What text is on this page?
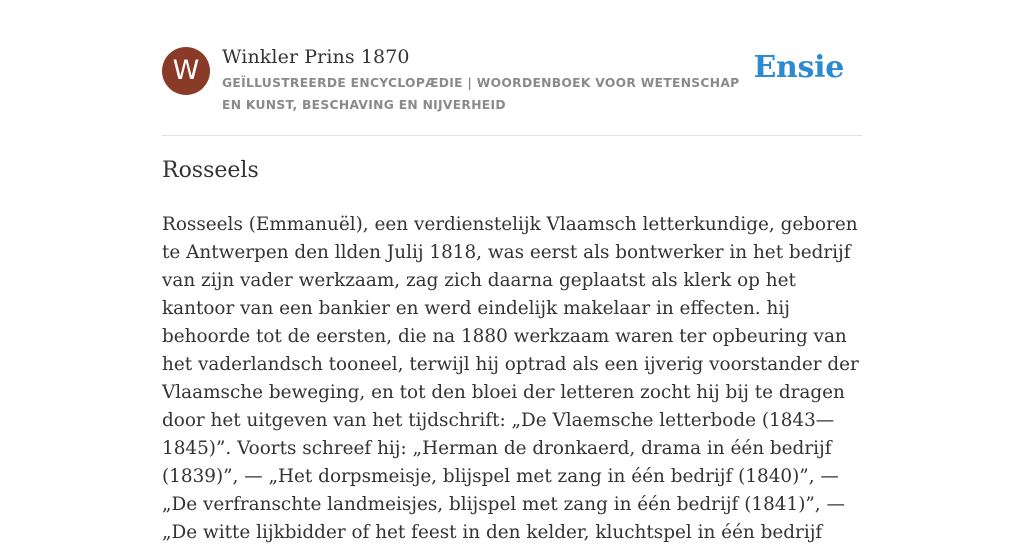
W	Winkler Prins 1870
GEÏLLUSTREERDE ENCYCLOPÆDIE | WOORDENBOEK VOOR WETENSCHAP EN KUNST, BESCHAVING EN NIJVERHEID
Ensie
Rosseels

Rosseels (Emmanuël), een verdienstelijk Vlaamsch letterkundige, geboren te Antwerpen den llden Julij 1818, was eerst als bontwerker in het bedrijf van zijn vader werkzaam, zag zich daarna geplaatst als klerk op het kantoor van een bankier en werd eindelijk makelaar in effecten. hij behoorde tot de eersten, die na 1880 werkzaam waren ter opbeuring van het vaderlandsch tooneel, terwijl hij optrad als een ijverig voorstander der Vlaamsche beweging, en tot den bloei der letteren zocht hij bij te dragen door het uitgeven van het tijdschrift: „De Vlaemsche letterbode (1843—1845)”. Voorts schreef hij: „Herman de dronkaerd, drama in één bedrijf (1839)”, — „Het dorpsmeisje, blijspel met zang in één bedrijf (1840)”, — „De verfranschte landmeisjes, blijspel met zang in één bedrijf (1841)”, — „De witte lijkbidder of het feest in den kelder, kluchtspel in één bedrijf
